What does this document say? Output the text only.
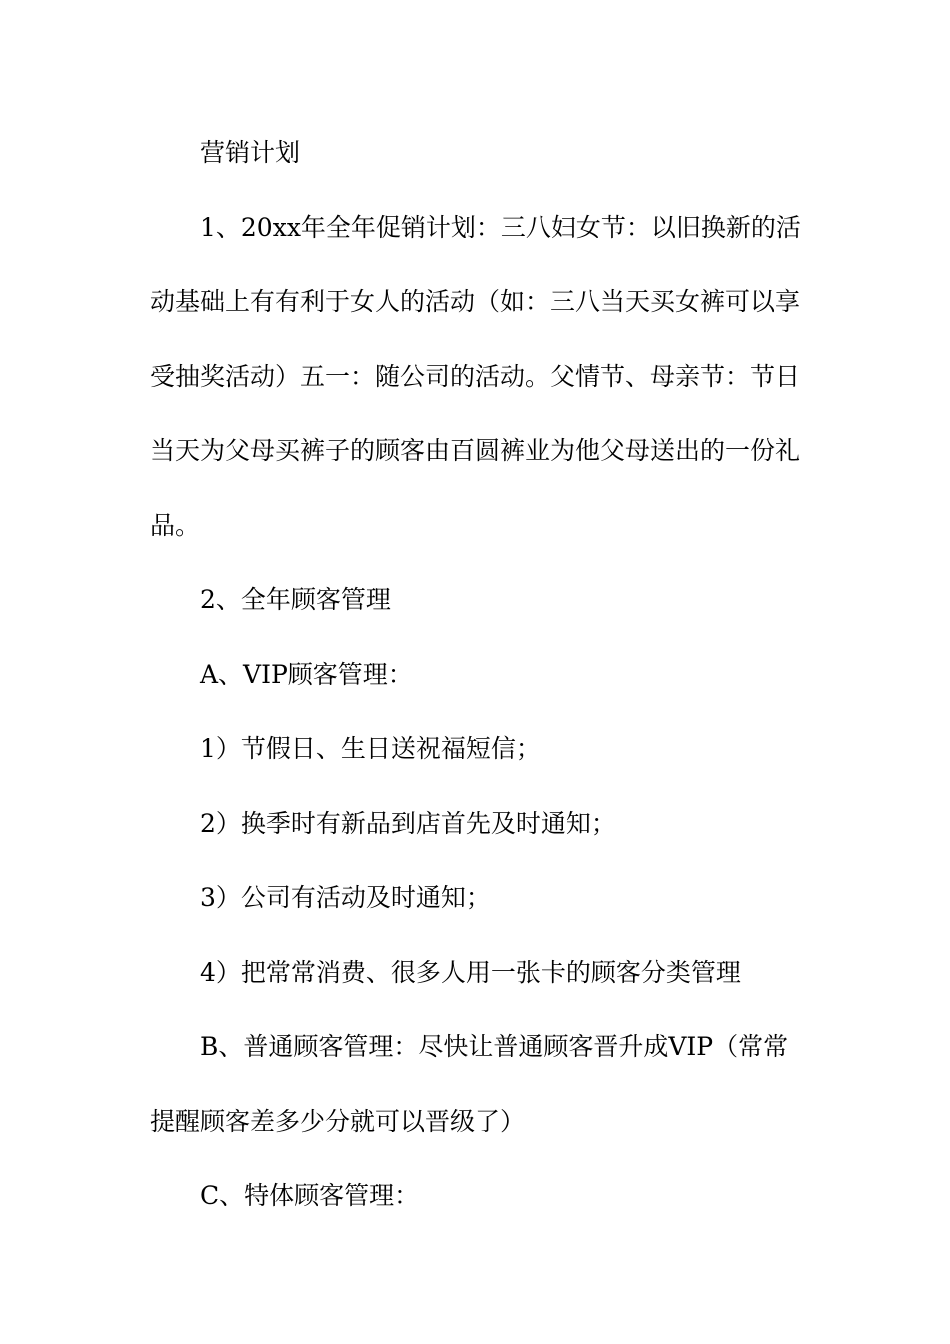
营销计划

1、20xx年全年促销计划：三八妇女节：以旧换新的活动基础上有有利于女人的活动（如：三八当天买女裤可以享受抽奖活动）五一：随公司的活动。父情节、母亲节：节日当天为父母买裤子的顾客由百圆裤业为他父母送出的一份礼品。

2、全年顾客管理

A、VIP顾客管理：

1）节假日、生日送祝福短信；

2）换季时有新品到店首先及时通知；

3）公司有活动及时通知；

4）把常常消费、很多人用一张卡的顾客分类管理

B、普通顾客管理：尽快让普通顾客晋升成VIP（常常提醒顾客差多少分就可以晋级了）

C、特体顾客管理：
